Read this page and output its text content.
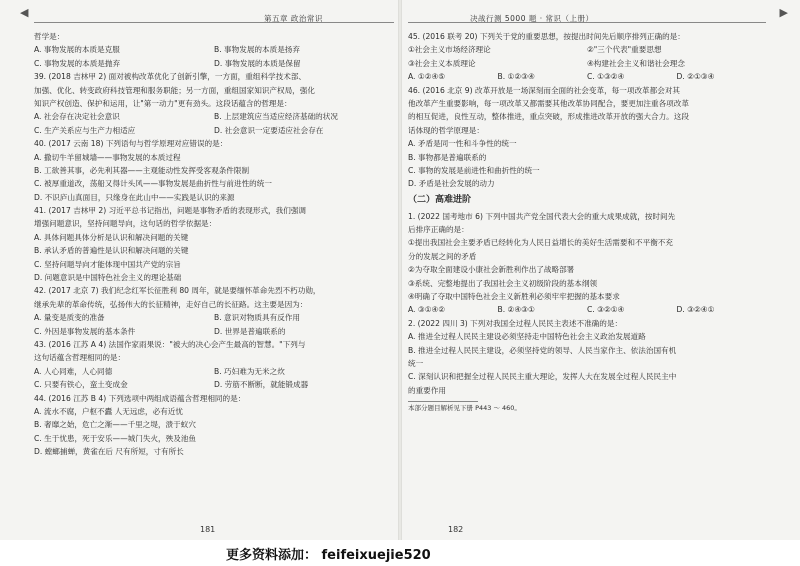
◀	第五章 政治常识
哲学是：
A. 事物发展的本质是克服	B. 事物发展的本质是扬弃
C. 事物发展的本质是抛弃	D. 事物发展的本质是保留
39. (2018 吉林甲 2) 面对被构改革优化了创新引擎，一方面，重组科学技术部、
加强、优化、转变政府科技管理和服务职能；另一方面，重组国家知识产权局，强化
知识产权创造、保护和运用，让"第一动力"更有劲头。这段话蕴含的哲理是：
A. 社会存在决定社会意识	B. 上层建筑应当适应经济基础的状况
C. 生产关系应与生产力相适应	D. 社会意识一定要适应社会存在
40. (2017 云南 18) 下列语句与哲学原理对应错误的是：
A. 撒切牛羊留城墙——事物发展的本质过程
B. 工欲善其事，必先利其器——主观能动性发挥受客观条件限制
C. 被厚重道改，荡船又得计头风——事物发展是曲折性与前进性的统一
D. 不识庐山真面目，只缘身在此山中——实践是认识的来源
41. (2017 吉林甲 2) 习近平总书记指出，问题是事物矛盾的表现形式，我们强调
增强问题意识，坚持问题导向，这句话的哲学依据是：
A. 具体问题具体分析是认识和解决问题的关键
B. 承认矛盾的普遍性是认识和解决问题的关键
C. 坚持问题导向才能体现中国共产党的宗旨
D. 问题意识是中国特色社会主义的理论基础
42. (2017 北京 7) 我们纪念红军长征胜利 80 周年，就是要缅怀革命先烈不朽功勋，
继承先辈的革命传统，弘扬伟大的长征精神，走好自己的长征路。这主要是因为：
A. 量变是质变的准备	B. 意识对物质具有反作用
C. 外因是事物发展的基本条件	D. 世界是普遍联系的
43. (2016 江苏 A 4) 法国作家雨果说："被大的决心会产生最高的智慧。"下列与
这句话蕴含哲理相同的是：
A. 人心同难，人心同德	B. 巧妇难为无米之炊
C. 只要有铁心，蛮土变成金	D. 劳筋不断断，就能锻成器
44. (2016 江苏 B 4) 下列选项中两组成语蕴含哲理相同的是：
A. 流水不腐，户枢不蠹 人无远虑，必有近忧
B. 奢靡之始，危亡之渐——千里之堤，溃于蚁穴
C. 生于忧患，死于安乐——城门失火，殃及池鱼
D. 螳螂捕蝉，黄雀在后 尺有所短，寸有所长
181
决战行测 5000 题 · 常识（上册）	▶
45. (2016 联考 20) 下列关于党的重要思想，按提出时间先后顺序排列正确的是：
①社会主义市场经济理论	②"三个代表"重要思想
③社会主义本质理论	④构建社会主义和谐社会理念
A. ①②④⑤	B. ①②③④	C. ①③②④	D. ②①③④
46. (2016 北京 9) 改革开放是一场深刻而全面的社会变革，每一项改革都会对其
他改革产生重要影响，每一项改革又都需要其他改革协同配合，要更加注重各项改革
的相互促进，良性互动，整体推进，重点突破，形成推进改革开放的强大合力。这段
话体现的哲学原理是：
A. 矛盾是同一性和斗争性的统一
B. 事物都是普遍联系的
C. 事物的发展是前进性和曲折性的统一
D. 矛盾是社会发展的动力
（二）高难进阶
1. (2022 国考地市 6) 下列中国共产党全国代表大会的重大成果成就，按时间先
后排序正确的是：
①提出我国社会主要矛盾已经转化为人民日益增长的美好生活需要和不平衡不充
分的发展之间的矛盾
②为夺取全面建设小康社会新胜利作出了战略部署
③系统、完整地提出了我国社会主义初级阶段的基本纲领
④明确了夺取中国特色社会主义新胜利必须牢牢把握的基本要求
A. ③①④②	B. ②④③①	C. ③②①④	D. ③②④①
2. (2022 四川 3) 下列对我国全过程人民民主表述不准确的是：
A. 推进全过程人民民主建设必须坚持走中国特色社会主义政治发展道路
B. 推进全过程人民民主建设，必须坚持党的领导、人民当家作主、依法治国有机
统一
C. 深刻认识和把握全过程人民民主重大理论，发挥人大在发展全过程人民民主中
的重要作用
本部分题目解析见下册 P443 ～ 460。
182
更多资料添加： feifeixuejie520
